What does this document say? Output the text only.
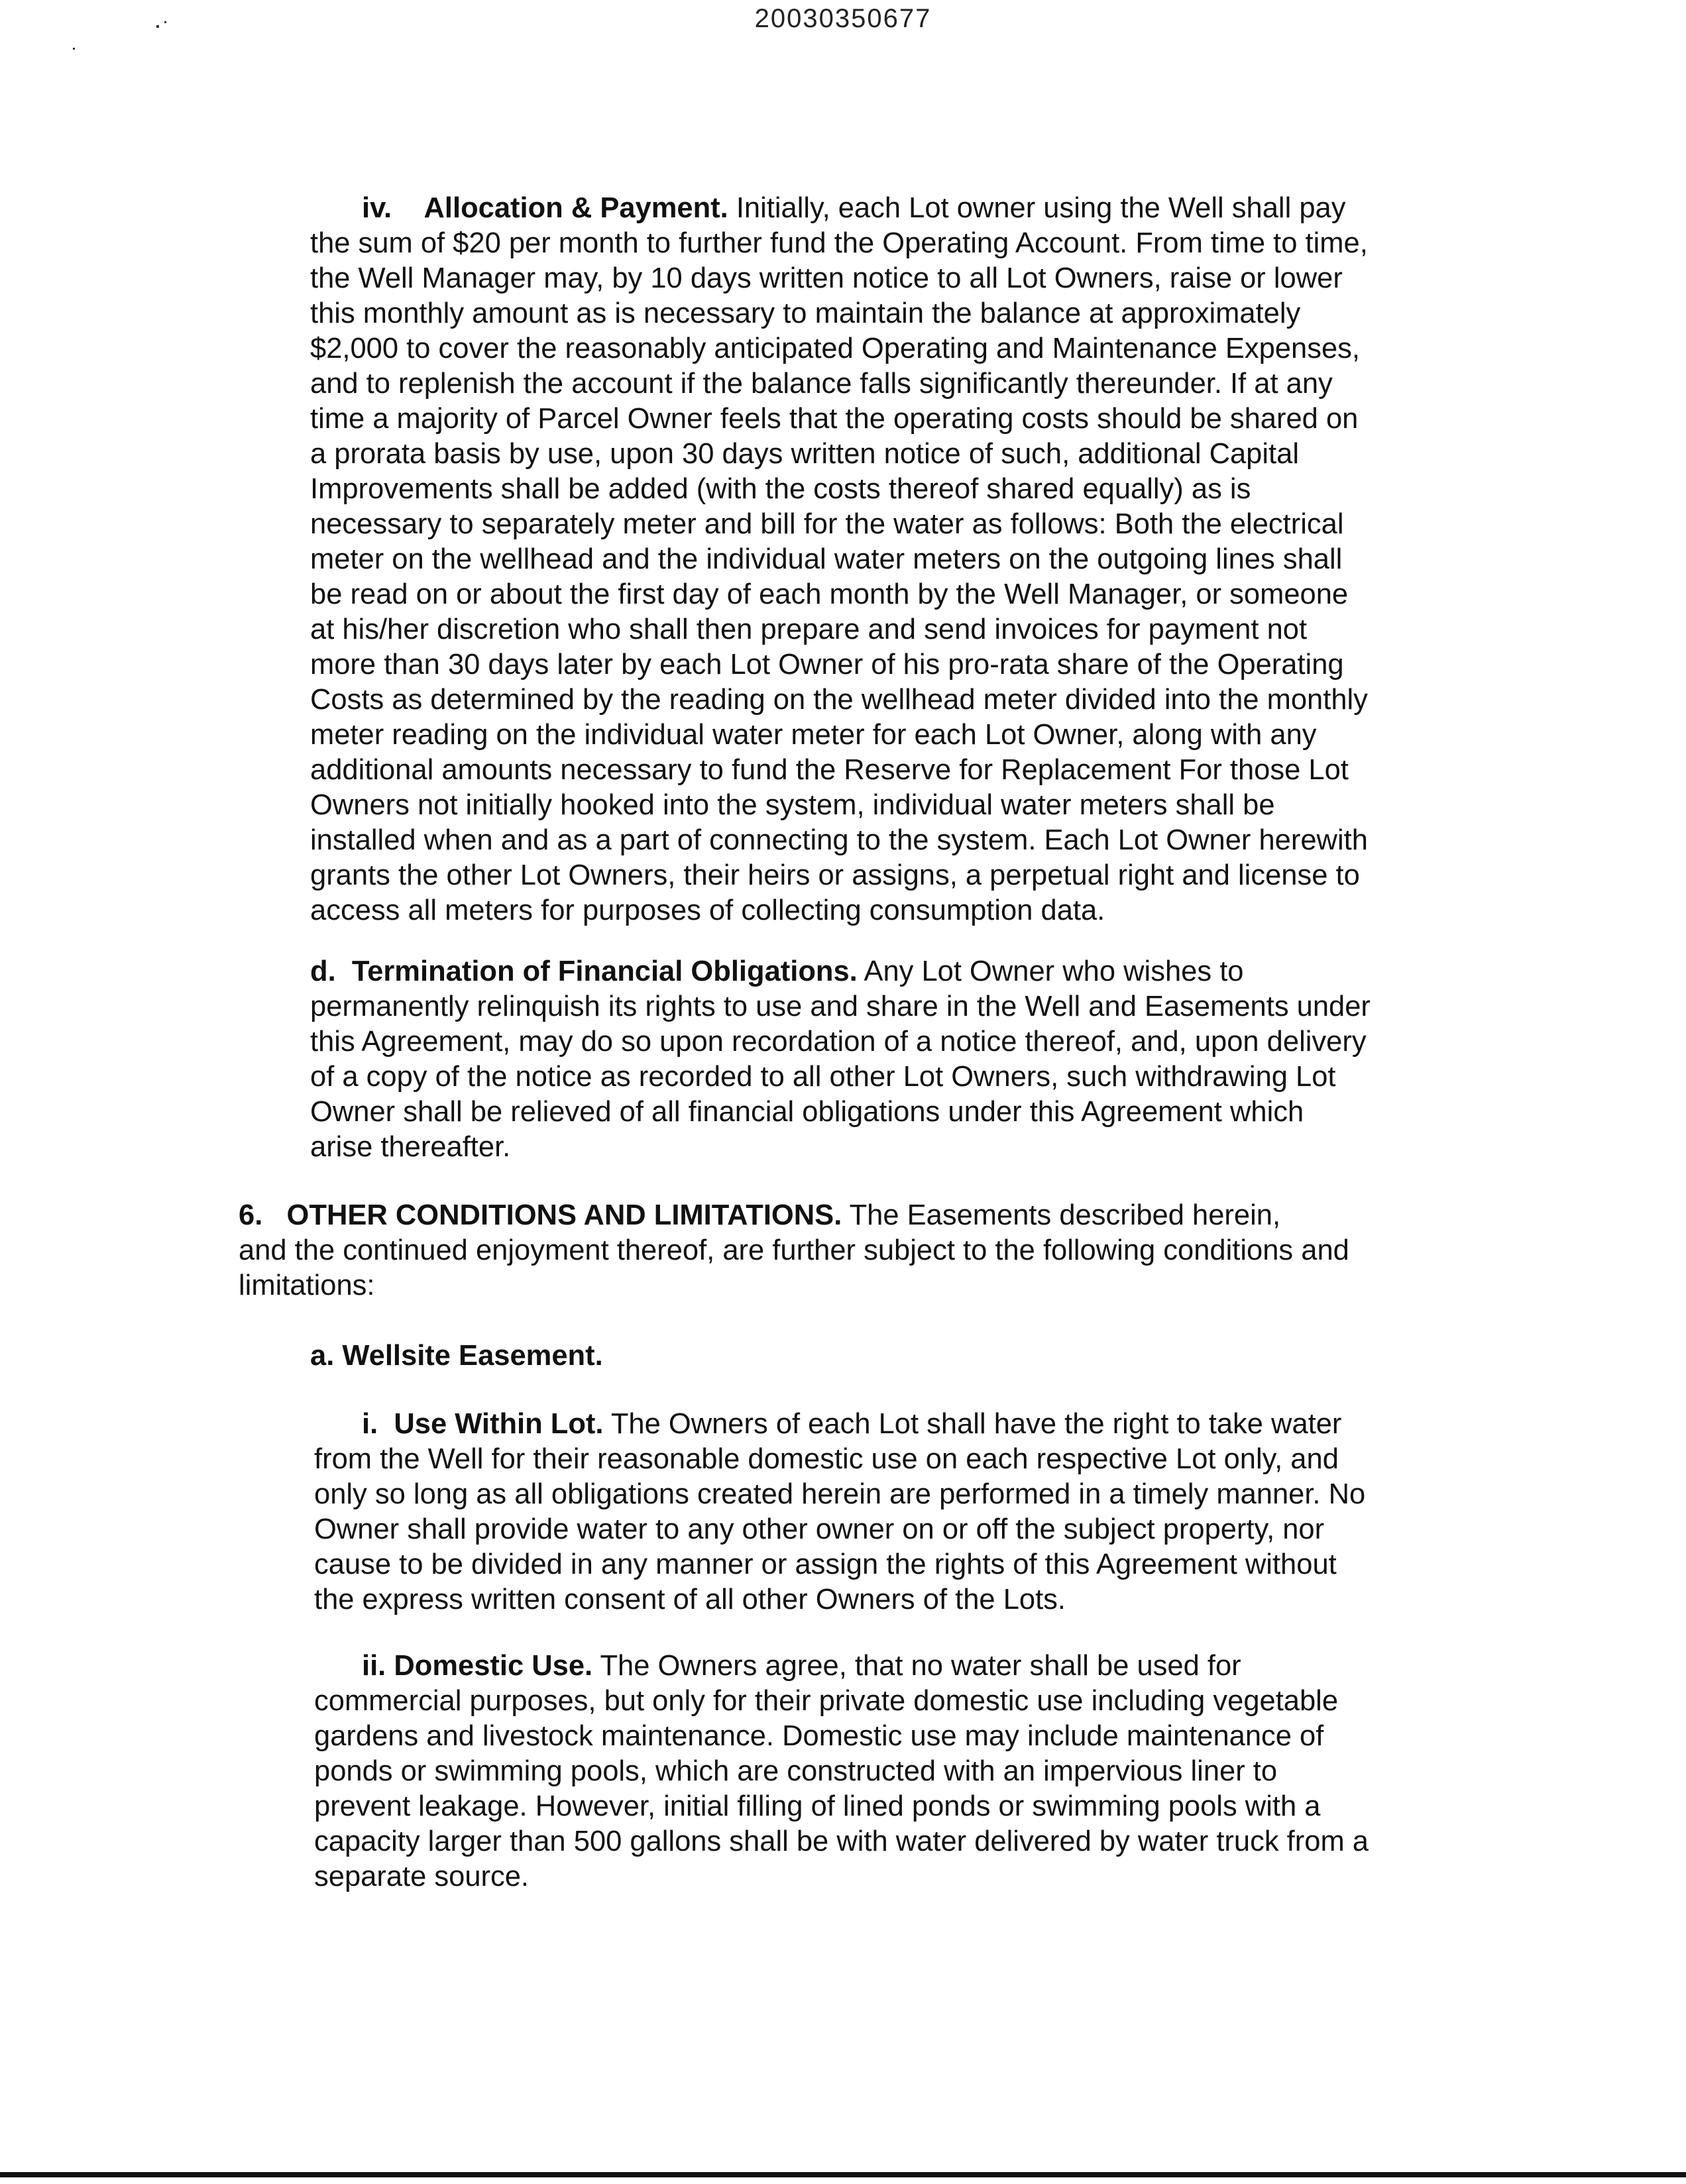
20030350677
iv. Allocation & Payment. Initially, each Lot owner using the Well shall pay
the sum of $20 per month to further fund the Operating Account. From time to time,
the Well Manager may, by 10 days written notice to all Lot Owners, raise or lower
this monthly amount as is necessary to maintain the balance at approximately
$2,000 to cover the reasonably anticipated Operating and Maintenance Expenses,
and to replenish the account if the balance falls significantly thereunder. If at any
time a majority of Parcel Owner feels that the operating costs should be shared on
a prorata basis by use, upon 30 days written notice of such, additional Capital
Improvements shall be added (with the costs thereof shared equally) as is
necessary to separately meter and bill for the water as follows: Both the electrical
meter on the wellhead and the individual water meters on the outgoing lines shall
be read on or about the first day of each month by the Well Manager, or someone
at his/her discretion who shall then prepare and send invoices for payment not
more than 30 days later by each Lot Owner of his pro-rata share of the Operating
Costs as determined by the reading on the wellhead meter divided into the monthly
meter reading on the individual water meter for each Lot Owner, along with any
additional amounts necessary to fund the Reserve for Replacement For those Lot
Owners not initially hooked into the system, individual water meters shall be
installed when and as a part of connecting to the system. Each Lot Owner herewith
grants the other Lot Owners, their heirs or assigns, a perpetual right and license to
access all meters for purposes of collecting consumption data.
d. Termination of Financial Obligations. Any Lot Owner who wishes to
permanently relinquish its rights to use and share in the Well and Easements under
this Agreement, may do so upon recordation of a notice thereof, and, upon delivery
of a copy of the notice as recorded to all other Lot Owners, such withdrawing Lot
Owner shall be relieved of all financial obligations under this Agreement which
arise thereafter.
6. OTHER CONDITIONS AND LIMITATIONS. The Easements described herein,
and the continued enjoyment thereof, are further subject to the following conditions and
limitations:
a. Wellsite Easement.
i. Use Within Lot. The Owners of each Lot shall have the right to take water
from the Well for their reasonable domestic use on each respective Lot only, and
only so long as all obligations created herein are performed in a timely manner. No
Owner shall provide water to any other owner on or off the subject property, nor
cause to be divided in any manner or assign the rights of this Agreement without
the express written consent of all other Owners of the Lots.
ii. Domestic Use. The Owners agree, that no water shall be used for
commercial purposes, but only for their private domestic use including vegetable
gardens and livestock maintenance. Domestic use may include maintenance of
ponds or swimming pools, which are constructed with an impervious liner to
prevent leakage. However, initial filling of lined ponds or swimming pools with a
capacity larger than 500 gallons shall be with water delivered by water truck from a
separate source.
